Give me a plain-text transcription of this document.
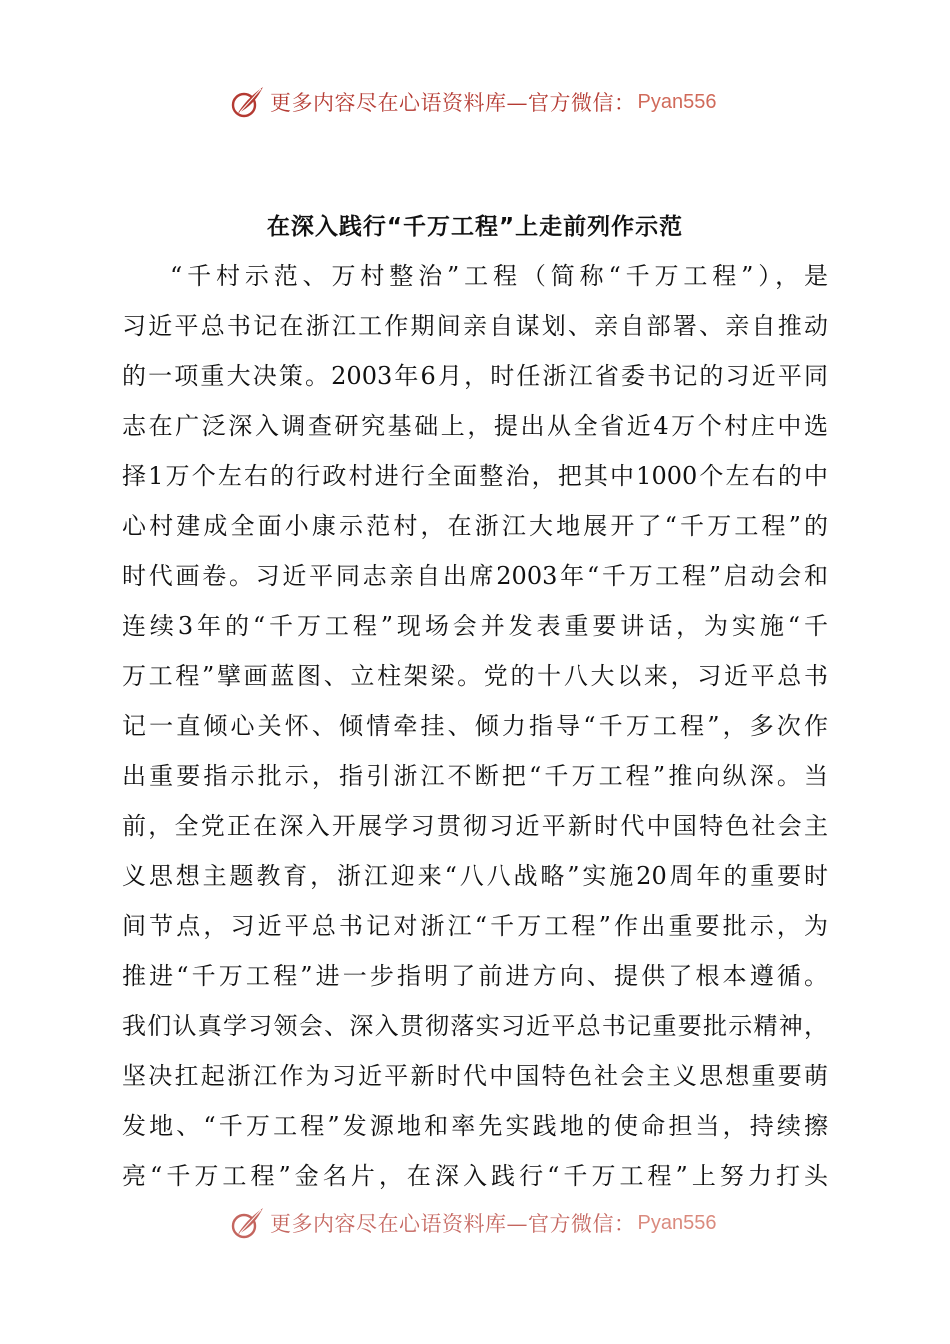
更多内容尽在心语资料库—官方微信： Pyan556
在深入践行“千万工程”上走前列作示范
“千村示范、万村整治”工程（简称“千万工程”），是
习近平总书记在浙江工作期间亲自谋划、亲自部署、亲自推动
的一项重大决策。2003年6月，时任浙江省委书记的习近平同
志在广泛深入调查研究基础上，提出从全省近4万个村庄中选
择1万个左右的行政村进行全面整治，把其中1000个左右的中
心村建成全面小康示范村，在浙江大地展开了“千万工程”的
时代画卷。习近平同志亲自出席2003年“千万工程”启动会和
连续3年的“千万工程”现场会并发表重要讲话，为实施“千
万工程”擘画蓝图、立柱架梁。党的十八大以来，习近平总书
记一直倾心关怀、倾情牵挂、倾力指导“千万工程”，多次作
出重要指示批示，指引浙江不断把“千万工程”推向纵深。当
前，全党正在深入开展学习贯彻习近平新时代中国特色社会主
义思想主题教育，浙江迎来“八八战略”实施20周年的重要时
间节点，习近平总书记对浙江“千万工程”作出重要批示，为
推进“千万工程”进一步指明了前进方向、提供了根本遵循。
我们认真学习领会、深入贯彻落实习近平总书记重要批示精神，
坚决扛起浙江作为习近平新时代中国特色社会主义思想重要萌
发地、“千万工程”发源地和率先实践地的使命担当，持续擦
亮“千万工程”金名片，在深入践行“千万工程”上努力打头
更多内容尽在心语资料库—官方微信： Pyan556
